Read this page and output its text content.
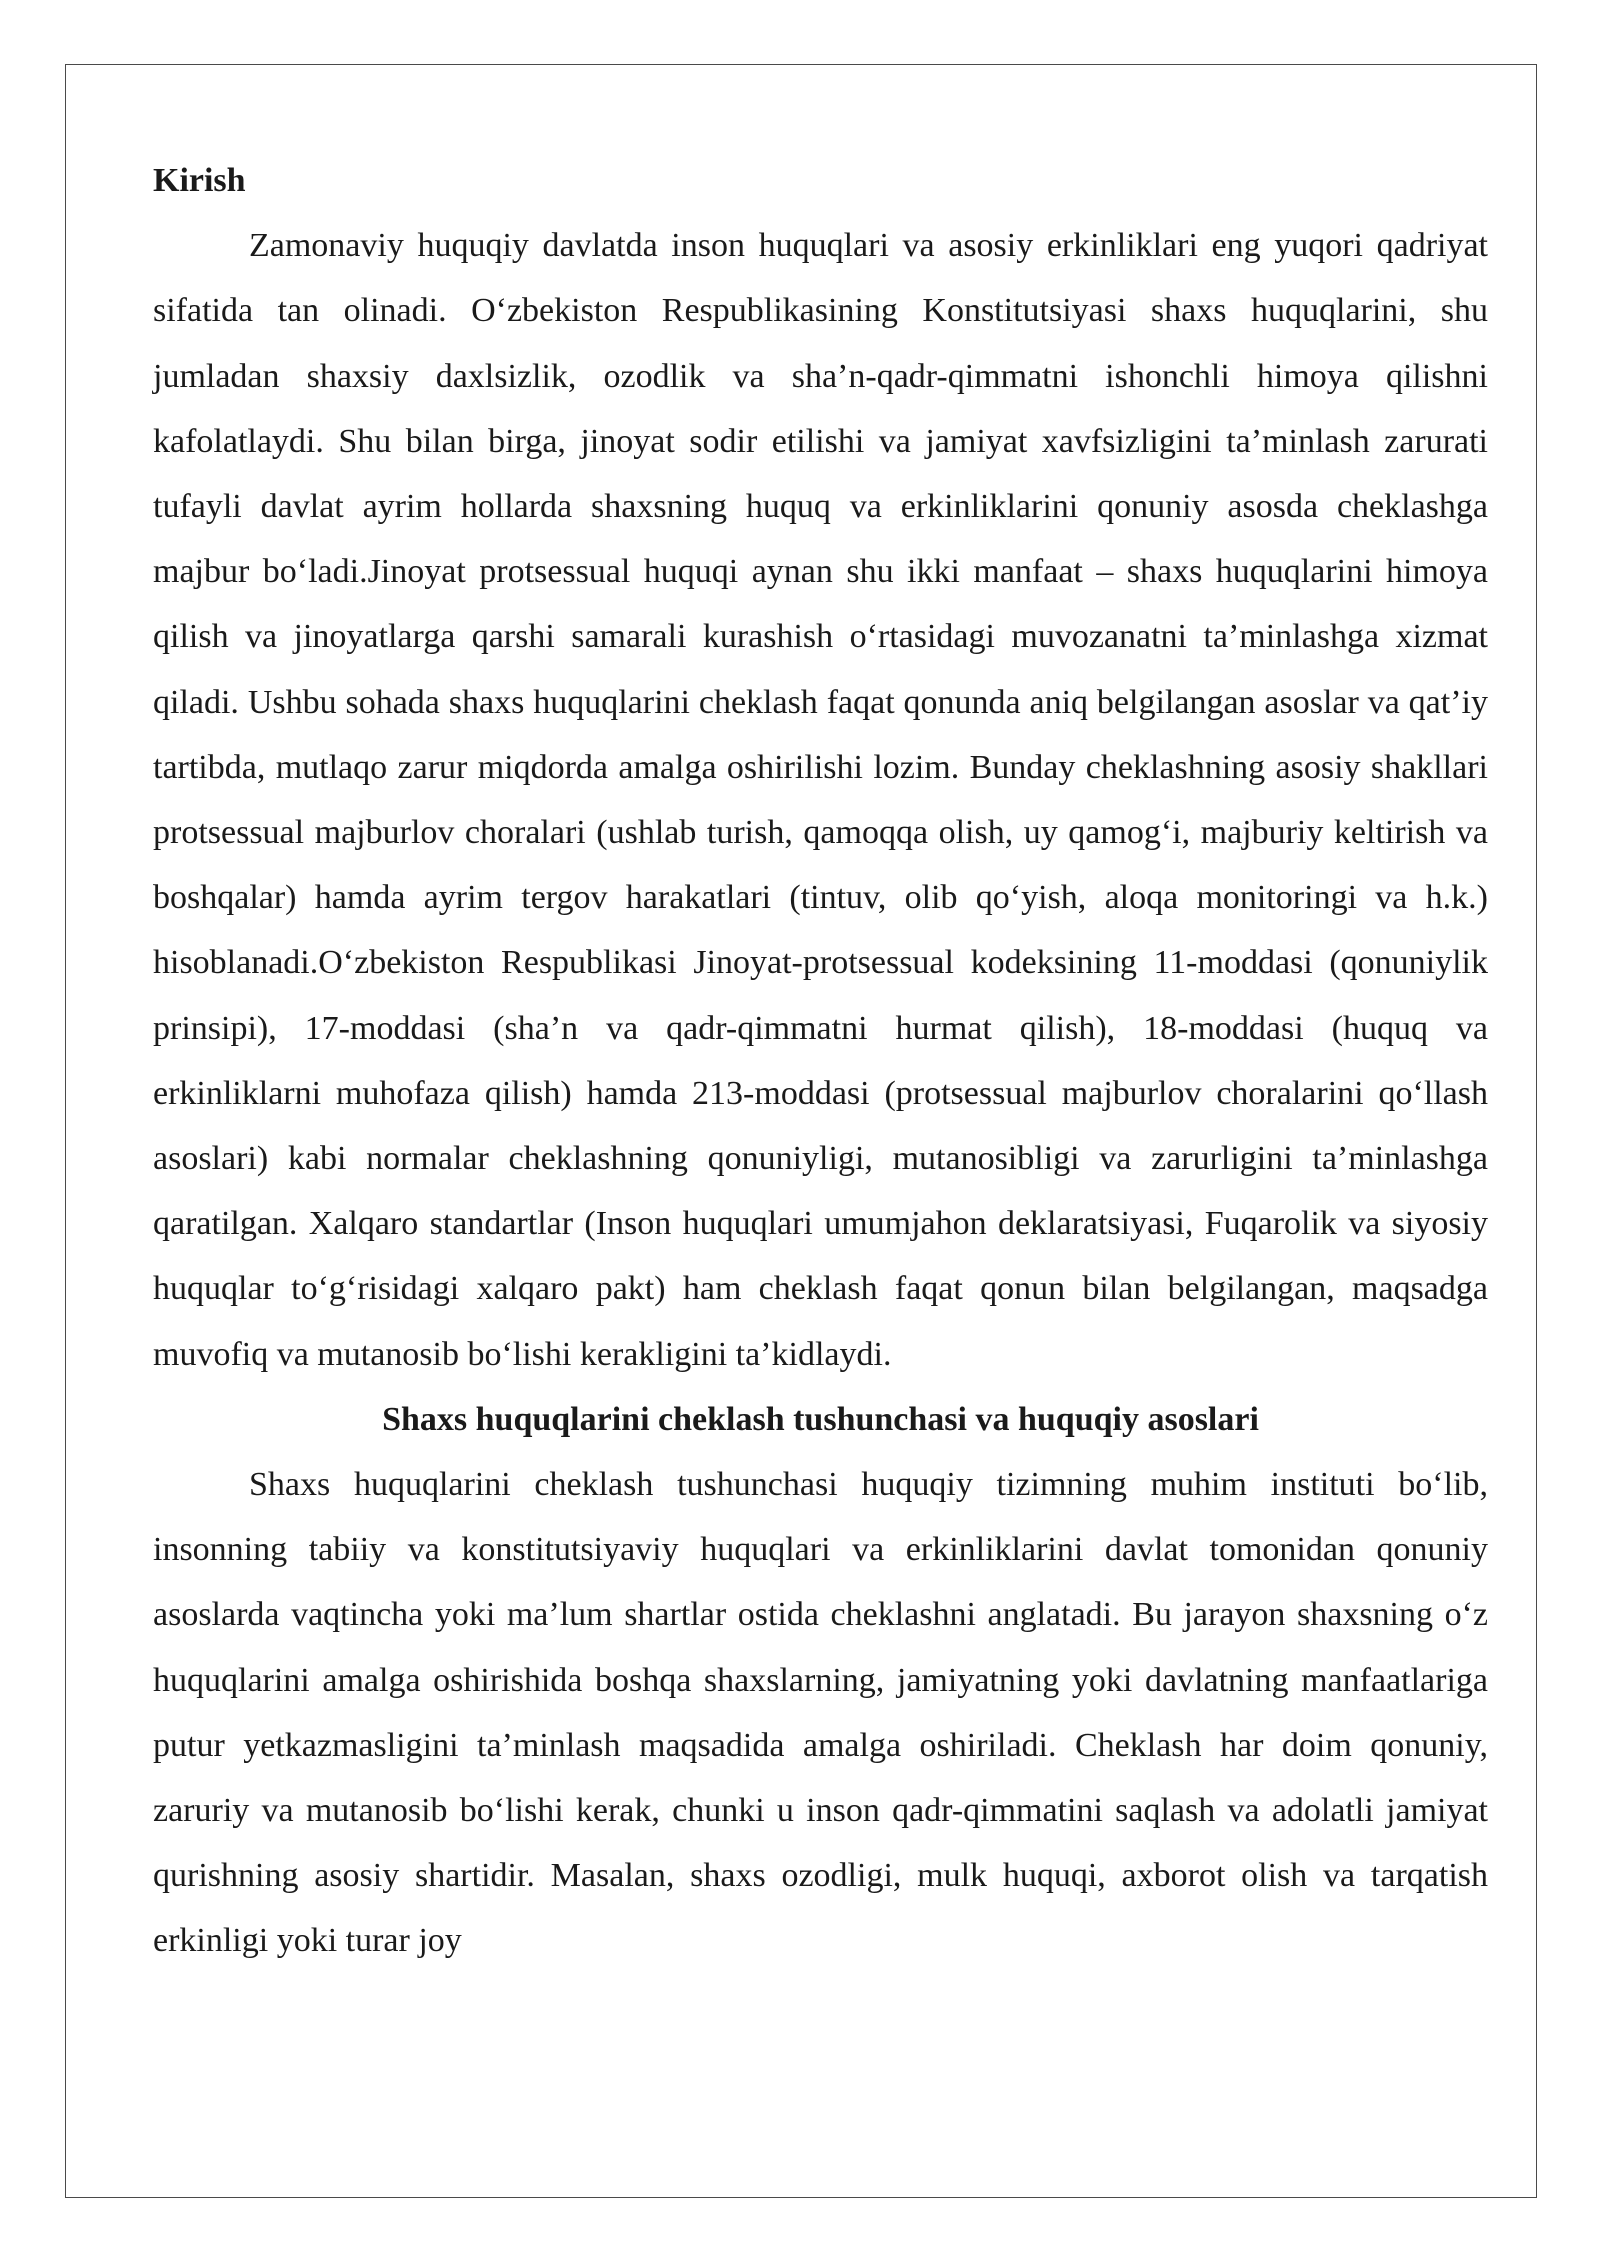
Kirish

Zamonaviy huquqiy davlatda inson huquqlari va asosiy erkinliklari eng yuqori qadriyat sifatida tan olinadi. O‘zbekiston Respublikasining Konstitutsiyasi shaxs huquqlarini, shu jumladan shaxsiy daxlsizlik, ozodlik va sha’n-qadr-qimmatni ishonchli himoya qilishni kafolatlaydi. Shu bilan birga, jinoyat sodir etilishi va jamiyat xavfsizligini ta’minlash zarurati tufayli davlat ayrim hollarda shaxsning huquq va erkinliklarini qonuniy asosda cheklashga majbur bo‘ladi.Jinoyat protsessual huquqi aynan shu ikki manfaat – shaxs huquqlarini himoya qilish va jinoyatlarga qarshi samarali kurashish o‘rtasidagi muvozanatni ta’minlashga xizmat qiladi. Ushbu sohada shaxs huquqlarini cheklash faqat qonunda aniq belgilangan asoslar va qat’iy tartibda, mutlaqo zarur miqdorda amalga oshirilishi lozim. Bunday cheklashning asosiy shakllari protsessual majburlov choralari (ushlab turish, qamoqqa olish, uy qamog‘i, majburiy keltirish va boshqalar) hamda ayrim tergov harakatlari (tintuv, olib qo‘yish, aloqa monitoringi va h.k.) hisoblanadi.O‘zbekiston Respublikasi Jinoyat-protsessual kodeksining 11-moddasi (qonuniylik prinsipi), 17-moddasi (sha’n va qadr-qimmatni hurmat qilish), 18-moddasi (huquq va erkinliklarni muhofaza qilish) hamda 213-moddasi (protsessual majburlov choralarini qo‘llash asoslari) kabi normalar cheklashning qonuniyligi, mutanosibligi va zarurligini ta’minlashga qaratilgan. Xalqaro standartlar (Inson huquqlari umumjahon deklaratsiyasi, Fuqarolik va siyosiy huquqlar to‘g‘risidagi xalqaro pakt) ham cheklash faqat qonun bilan belgilangan, maqsadga muvofiq va mutanosib bo‘lishi kerakligini ta’kidlaydi.

Shaxs huquqlarini cheklash tushunchasi va huquqiy asoslari

Shaxs huquqlarini cheklash tushunchasi huquqiy tizimning muhim instituti bo‘lib, insonning tabiiy va konstitutsiyaviy huquqlari va erkinliklarini davlat tomonidan qonuniy asoslarda vaqtincha yoki ma’lum shartlar ostida cheklashni anglatadi. Bu jarayon shaxsning o‘z huquqlarini amalga oshirishida boshqa shaxslarning, jamiyatning yoki davlatning manfaatlariga putur yetkazmasligini ta’minlash maqsadida amalga oshiriladi. Cheklash har doim qonuniy, zaruriy va mutanosib bo‘lishi kerak, chunki u inson qadr-qimmatini saqlash va adolatli jamiyat qurishning asosiy shartidir. Masalan, shaxs ozodligi, mulk huquqi, axborot olish va tarqatish erkinligi yoki turar joy
